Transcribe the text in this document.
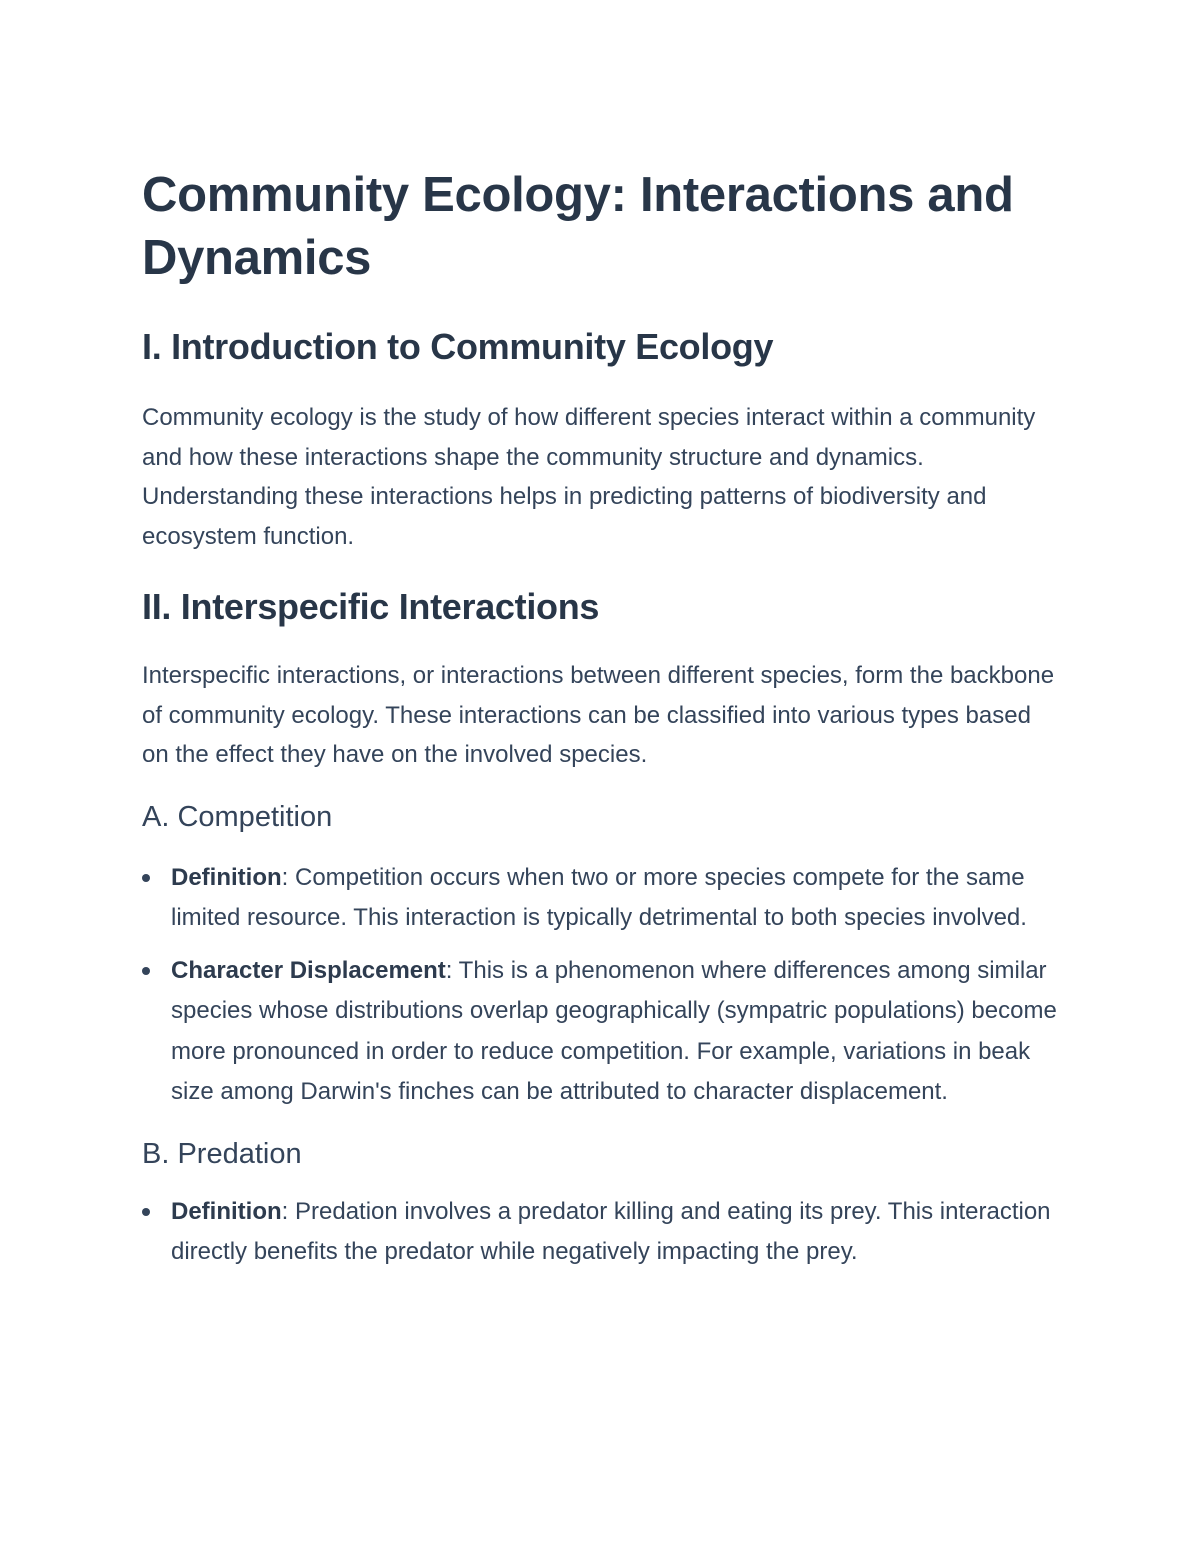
Community Ecology: Interactions and Dynamics
I. Introduction to Community Ecology

Community ecology is the study of how different species interact within a community and how these interactions shape the community structure and dynamics. Understanding these interactions helps in predicting patterns of biodiversity and ecosystem function.

II. Interspecific Interactions

Interspecific interactions, or interactions between different species, form the backbone of community ecology. These interactions can be classified into various types based on the effect they have on the involved species.

A. Competition
Definition: Competition occurs when two or more species compete for the same limited resource. This interaction is typically detrimental to both species involved.
Character Displacement: This is a phenomenon where differences among similar species whose distributions overlap geographically (sympatric populations) become more pronounced in order to reduce competition. For example, variations in beak size among Darwin's finches can be attributed to character displacement.
B. Predation
Definition: Predation involves a predator killing and eating its prey. This interaction directly benefits the predator while negatively impacting the prey.
